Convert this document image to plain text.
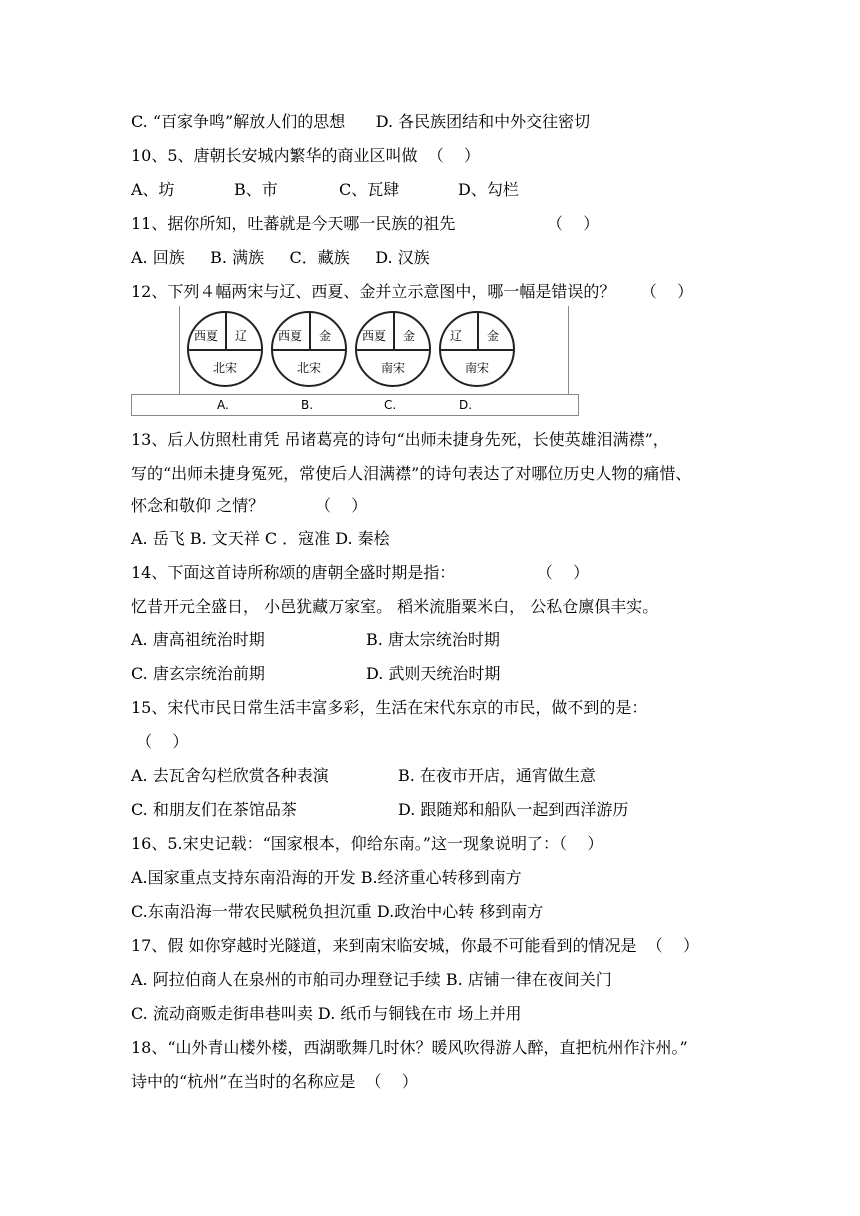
C. “百家争鸣”解放人们的思想      D. 各民族团结和中外交往密切
10、5、唐朝长安城内繁华的商业区叫做  （    ）

A、坊

	B、市

	C、瓦肆

	D、勾栏

11、据你所知，吐蕃就是今天哪一民族的祖先                  （    ）
A. 回族     B. 满族     C．藏族     D. 汉族
12、下列４幅两宋与辽、西夏、金并立示意图中，哪一幅是错误的？     （    ）
西夏 辽
北宋
西夏 金
北宋
西夏 金
南宋
辽 金
南宋
A.	B.	C.	D.
13、后人仿照杜甫凭 吊诸葛亮的诗句“出师未捷身先死，长使英雄泪满襟”，
写的“出师未捷身冤死，常使后人泪满襟”的诗句表达了对哪位历史人物的痛惜、
怀念和敬仰 之情？          （    ）
A. 岳飞 B. 文天祥 C ．寇准 D. 秦桧
14、下面这首诗所称颂的唐朝全盛时期是指：                （    ）
忆昔开元全盛日， 小邑犹藏万家室。 稻米流脂粟米白， 公私仓廪俱丰实。

A. 唐高祖统治时期

	B. 唐太宗统治时期

C. 唐玄宗统治前期

	D. 武则天统治时期

15、宋代市民日常生活丰富多彩，生活在宋代东京的市民，做不到的是：
（    ）

A. 去瓦舍勾栏欣赏各种表演

	B. 在夜市开店，通宵做生意

C. 和朋友们在茶馆品茶

	D. 跟随郑和船队一起到西洋游历

16、5.宋史记载：“国家根本，仰给东南。”这一现象说明了：（    ）
A.国家重点支持东南沿海的开发 B.经济重心转移到南方
C.东南沿海一带农民赋税负担沉重 D.政治中心转 移到南方
17、假 如你穿越时光隧道，来到南宋临安城，你最不可能看到的情况是  （    ）
A. 阿拉伯商人在泉州的市舶司办理登记手续 B. 店铺一律在夜间关门
C. 流动商贩走街串巷叫卖 D. 纸币与铜钱在市 场上并用
18、“山外青山楼外楼，西湖歌舞几时休？暖风吹得游人醉，直把杭州作汴州。”
诗中的“杭州”在当时的名称应是  （    ）
